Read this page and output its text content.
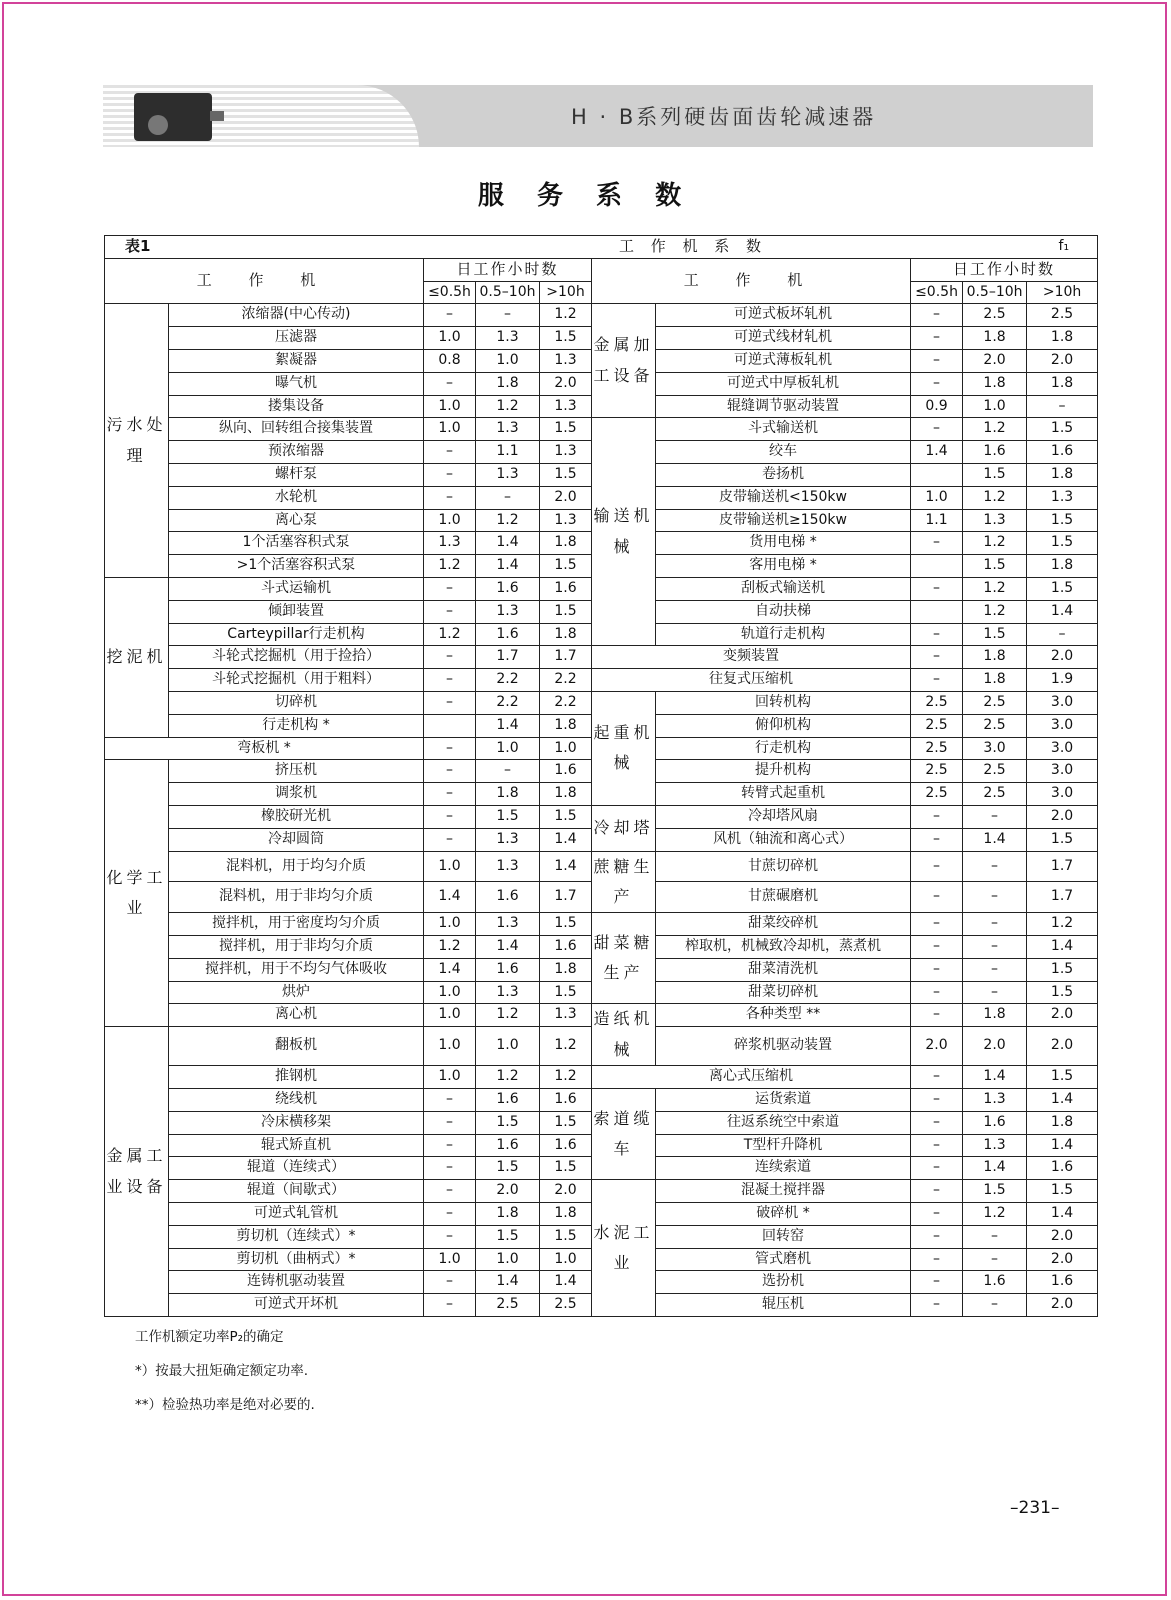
H · B系列硬齿面齿轮减速器
服 务 系 数
表1		工 作 机 系 数						f₁	
工 作 机		日工作小时数			工 作 机		日工作小时数		
		≤0.5h	0.5–10h	>10h			≤0.5h	0.5–10h	>10h
污水处理	浓缩器(中心传动)	–	–	1.2	金属加工设备	可逆式板坏轧机	–	2.5	2.5
	压滤器	1.0	1.3	1.5		可逆式线材轧机	–	1.8	1.8
	絮凝器	0.8	1.0	1.3		可逆式薄板轧机	–	2.0	2.0
	曝气机	–	1.8	2.0		可逆式中厚板轧机	–	1.8	1.8
	搂集设备	1.0	1.2	1.3		辊缝调节驱动装置	0.9	1.0	–
	纵向、回转组合接集装置	1.0	1.3	1.5	输送机械	斗式输送机	–	1.2	1.5
	预浓缩器	–	1.1	1.3		绞车	1.4	1.6	1.6
	螺杆泵	–	1.3	1.5		卷扬机		1.5	1.8
	水轮机	–	–	2.0		皮带输送机<150kw	1.0	1.2	1.3
	离心泵	1.0	1.2	1.3		皮带输送机≥150kw	1.1	1.3	1.5
	1个活塞容积式泵	1.3	1.4	1.8		货用电梯 *	–	1.2	1.5
	>1个活塞容积式泵	1.2	1.4	1.5		客用电梯 *		1.5	1.8
挖泥机	斗式运输机	–	1.6	1.6		刮板式输送机	–	1.2	1.5
	倾卸装置	–	1.3	1.5		自动扶梯		1.2	1.4
	Carteypillar行走机构	1.2	1.6	1.8		轨道行走机构	–	1.5	–
	斗轮式挖掘机（用于捡拾）	–	1.7	1.7	变频装置		–	1.8	2.0
	斗轮式挖掘机（用于粗料）	–	2.2	2.2	往复式压缩机		–	1.8	1.9
	切碎机	–	2.2	2.2	起重机械	回转机构	2.5	2.5	3.0
	行走机构 *		1.4	1.8		俯仰机构	2.5	2.5	3.0
弯板机 *		–	1.0	1.0		行走机构	2.5	3.0	3.0
化学工业	挤压机	–	–	1.6		提升机构	2.5	2.5	3.0
	调浆机	–	1.8	1.8		转臂式起重机	2.5	2.5	3.0
	橡胶研光机	–	1.5	1.5	冷却塔	冷却塔风扇	–	–	2.0
	冷却圆筒	–	1.3	1.4		风机（轴流和离心式）	–	1.4	1.5
	混料机，用于均匀介质	1.0	1.3	1.4	蔗糖生产	甘蔗切碎机	–	–	1.7
	混料机，用于非均匀介质	1.4	1.6	1.7		甘蔗碾磨机	–	–	1.7
	搅拌机，用于密度均匀介质	1.0	1.3	1.5	甜菜糖生产	甜菜绞碎机	–	–	1.2
	搅拌机，用于非均匀介质	1.2	1.4	1.6		榨取机，机械致冷却机，蒸煮机	–	–	1.4
	搅拌机，用于不均匀气体吸收	1.4	1.6	1.8		甜菜清洗机	–	–	1.5
	烘炉	1.0	1.3	1.5		甜菜切碎机	–	–	1.5
	离心机	1.0	1.2	1.3	造纸机械	各种类型 **	–	1.8	2.0
金属工业设备	翻板机	1.0	1.0	1.2		碎浆机驱动装置	2.0	2.0	2.0
	推钢机	1.0	1.2	1.2	离心式压缩机		–	1.4	1.5
	绕线机	–	1.6	1.6	索道缆车	运货索道	–	1.3	1.4
	冷床横移架	–	1.5	1.5		往返系统空中索道	–	1.6	1.8
	辊式矫直机	–	1.6	1.6		T型杆升降机	–	1.3	1.4
	辊道（连续式）	–	1.5	1.5		连续索道	–	1.4	1.6
	辊道（间歇式）	–	2.0	2.0	水泥工业	混凝土搅拌器	–	1.5	1.5
	可逆式轧管机	–	1.8	1.8		破碎机 *	–	1.2	1.4
	剪切机（连续式）*	–	1.5	1.5		回转窑	–	–	2.0
	剪切机（曲柄式）*	1.0	1.0	1.0		管式磨机	–	–	2.0
	连铸机驱动装置	–	1.4	1.4		选扮机	–	1.6	1.6
	可逆式开坏机	–	2.5	2.5		辊压机	–	–	2.0
工作机额定功率P₂的确定
*）按最大扭矩确定额定功率.
**）检验热功率是绝对必要的.
–231–
